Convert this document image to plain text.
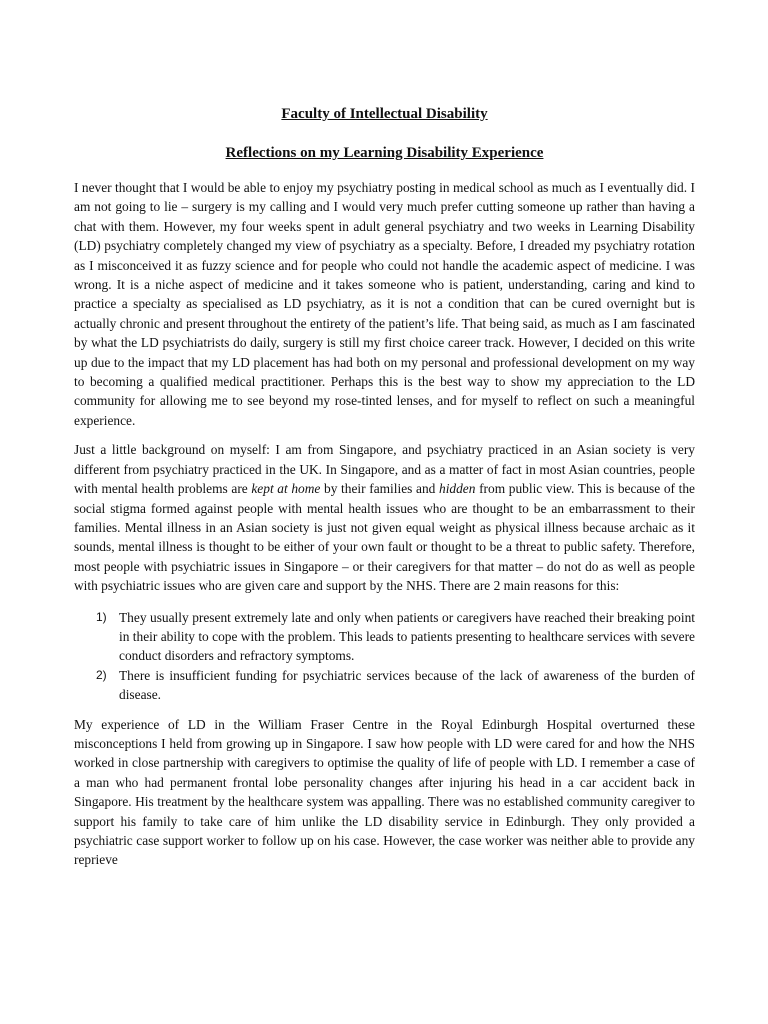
Faculty of Intellectual Disability
Reflections on my Learning Disability Experience

I never thought that I would be able to enjoy my psychiatry posting in medical school as much as I eventually did. I am not going to lie – surgery is my calling and I would very much prefer cutting someone up rather than having a chat with them. However, my four weeks spent in adult general psychiatry and two weeks in Learning Disability (LD) psychiatry completely changed my view of psychiatry as a specialty. Before, I dreaded my psychiatry rotation as I misconceived it as fuzzy science and for people who could not handle the academic aspect of medicine. I was wrong. It is a niche aspect of medicine and it takes someone who is patient, understanding, caring and kind to practice a specialty as specialised as LD psychiatry, as it is not a condition that can be cured overnight but is actually chronic and present throughout the entirety of the patient’s life. That being said, as much as I am fascinated by what the LD psychiatrists do daily, surgery is still my first choice career track. However, I decided on this write up due to the impact that my LD placement has had both on my personal and professional development on my way to becoming a qualified medical practitioner. Perhaps this is the best way to show my appreciation to the LD community for allowing me to see beyond my rose-tinted lenses, and for myself to reflect on such a meaningful experience.

Just a little background on myself: I am from Singapore, and psychiatry practiced in an Asian society is very different from psychiatry practiced in the UK. In Singapore, and as a matter of fact in most Asian countries, people with mental health problems are kept at home by their families and hidden from public view. This is because of the social stigma formed against people with mental health issues who are thought to be an embarrassment to their families. Mental illness in an Asian society is just not given equal weight as physical illness because archaic as it sounds, mental illness is thought to be either of your own fault or thought to be a threat to public safety. Therefore, most people with psychiatric issues in Singapore – or their caregivers for that matter – do not do as well as people with psychiatric issues who are given care and support by the NHS. There are 2 main reasons for this:

1) They usually present extremely late and only when patients or caregivers have reached their breaking point in their ability to cope with the problem. This leads to patients presenting to healthcare services with severe conduct disorders and refractory symptoms.
2) There is insufficient funding for psychiatric services because of the lack of awareness of the burden of disease.

My experience of LD in the William Fraser Centre in the Royal Edinburgh Hospital overturned these misconceptions I held from growing up in Singapore. I saw how people with LD were cared for and how the NHS worked in close partnership with caregivers to optimise the quality of life of people with LD. I remember a case of a man who had permanent frontal lobe personality changes after injuring his head in a car accident back in Singapore. His treatment by the healthcare system was appalling. There was no established community caregiver to support his family to take care of him unlike the LD disability service in Edinburgh. They only provided a psychiatric case support worker to follow up on his case. However, the case worker was neither able to provide any reprieve
